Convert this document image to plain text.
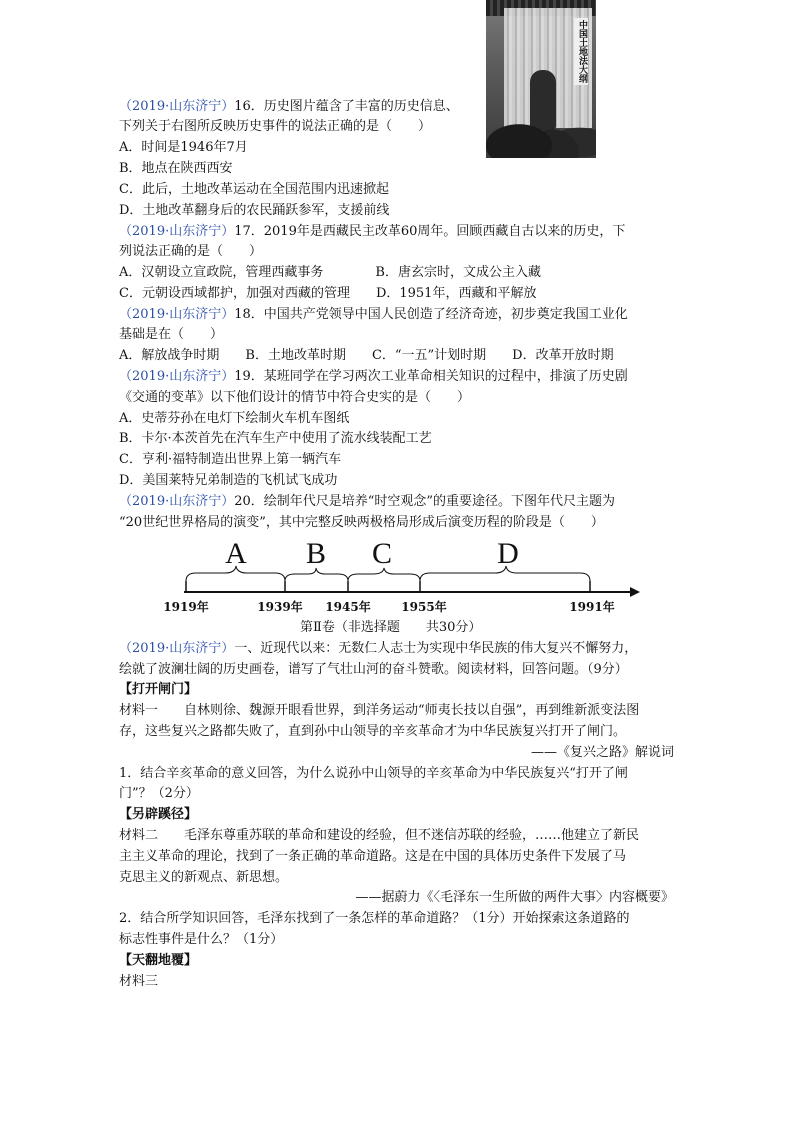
中国土地法大纲
（2019·山东济宁）16．历史图片蕴含了丰富的历史信息、
下列关于右图所反映历史事件的说法正确的是（　　）
A．时间是1946年7月
B．地点在陕西西安
C．此后，土地改革运动在全国范围内迅速掀起
D．土地改革翻身后的农民踊跃参军，支援前线
（2019·山东济宁）17．2019年是西藏民主改革60周年。回顾西藏自古以来的历史，下
列说法正确的是（　　）
A．汉朝设立宣政院，管理西藏事务　　　　B．唐玄宗时，文成公主入藏
C．元朝设西域都护，加强对西藏的管理　　D．1951年，西藏和平解放
（2019·山东济宁）18．中国共产党领导中国人民创造了经济奇迹，初步奠定我国工业化
基础是在（　　）
A．解放战争时期　　B．土地改革时期　　C．“一五”计划时期　　D．改革开放时期
（2019·山东济宁）19．某班同学在学习两次工业革命相关知识的过程中，排演了历史剧
《交通的变革》以下他们设计的情节中符合史实的是（　　）
A．史蒂芬孙在电灯下绘制火车机车图纸
B．卡尔·本茨首先在汽车生产中使用了流水线装配工艺
C．亨利·福特制造出世界上第一辆汽车
D．美国莱特兄弟制造的飞机试飞成功
（2019·山东济宁）20．绘制年代尺是培养“时空观念”的重要途径。下图年代尺主题为
“20世纪世界格局的演变”，其中完整反映两极格局形成后演变历程的阶段是（　　）
A B C	D
1919年	1939年 1945年	1955年	1991年
第Ⅱ卷（非选择题　　共30分）
（2019·山东济宁）一、近现代以来：无数仁人志士为实现中华民族的伟大复兴不懈努力，
绘就了波澜壮阔的历史画卷，谱写了气壮山河的奋斗赞歌。阅读材料，回答问题。（9分）
【打开闸门】
材料一　　自林则徐、魏源开眼看世界，到洋务运动“师夷长技以自强”，再到维新派变法图
存，这些复兴之路都失败了，直到孙中山领导的辛亥革命才为中华民族复兴打开了闸门。
——《复兴之路》解说词
1．结合辛亥革命的意义回答，为什么说孙中山领导的辛亥革命为中华民族复兴“打开了闸
门”？（2分）
【另辟蹊径】
材料二　　毛泽东尊重苏联的革命和建设的经验，但不迷信苏联的经验，……他建立了新民
主主义革命的理论，找到了一条正确的革命道路。这是在中国的具体历史条件下发展了马
克思主义的新观点、新思想。
——据蔚力《〈毛泽东一生所做的两件大事〉内容概要》
2．结合所学知识回答，毛泽东找到了一条怎样的革命道路？（1分）开始探索这条道路的
标志性事件是什么？（1分）
【天翻地覆】
材料三
